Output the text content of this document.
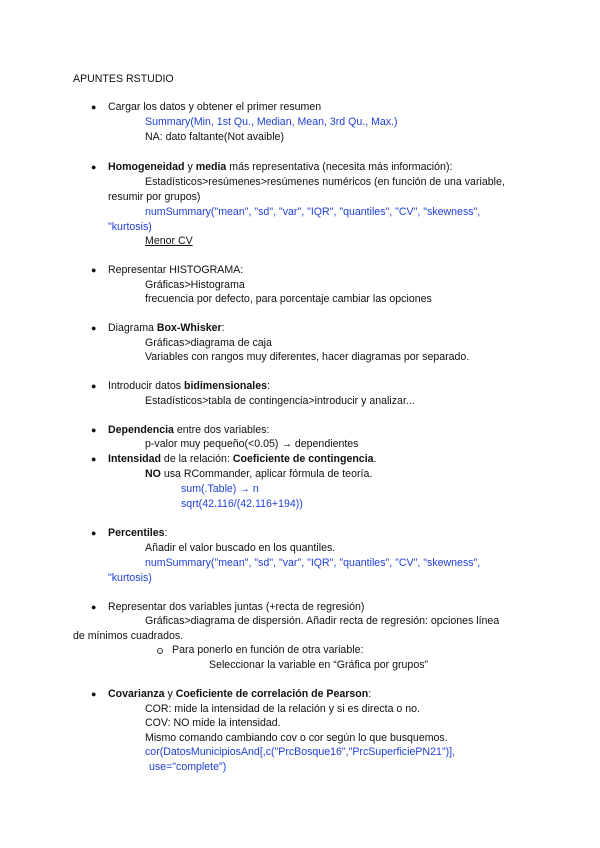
APUNTES RSTUDIO
● Cargar los datos y obtener el primer resumen
Summary(Min, 1st Qu., Median, Mean, 3rd Qu., Max.)
NA: dato faltante(Not avaible)
● Homogeneidad y media más representativa (necesita más información):
Estadísticos>resúmenes>resúmenes numéricos (en función de una variable,
resumir por grupos)
numSummary("mean", "sd", "var", "IQR", "quantiles", "CV", "skewness",
"kurtosis)
Menor CV
● Representar HISTOGRAMA:
Gráficas>Histograma
frecuencia por defecto, para porcentaje cambiar las opciones
● Diagrama Box-Whisker:
Gráficas>diagrama de caja
Variables con rangos muy diferentes, hacer diagramas por separado.
● Introducir datos bidimensionales:
Estadísticos>tabla de contingencia>introducir y analizar...
● Dependencia entre dos variables:
p-valor muy pequeño(<0.05) → dependientes
● Intensidad de la relación: Coeficiente de contingencia.
NO usa RCommander, aplicar fórmula de teoría.
sum(.Table) → n
sqrt(42.116/(42.116+194))
● Percentiles:
Añadir el valor buscado en los quantiles.
numSummary("mean", "sd", "var", "IQR", "quantiles", "CV", "skewness",
"kurtosis)
● Representar dos variables juntas (+recta de regresión)
Gráficas>diagrama de dispersión. Añadir recta de regresión: opciones línea
de mínimos cuadrados.
Para ponerlo en función de otra variable:
Seleccionar la variable en “Gráfica por grupos”
● Covarianza y Coeficiente de correlación de Pearson:
COR: mide la intensidad de la relación y si es directa o no.
COV: NO mide la intensidad.
Mismo comando cambiando cov o cor según lo que busquemos.
cor(DatosMunicipiosAnd[,c("PrcBosque16","PrcSuperficiePN21")],
use="complete")
